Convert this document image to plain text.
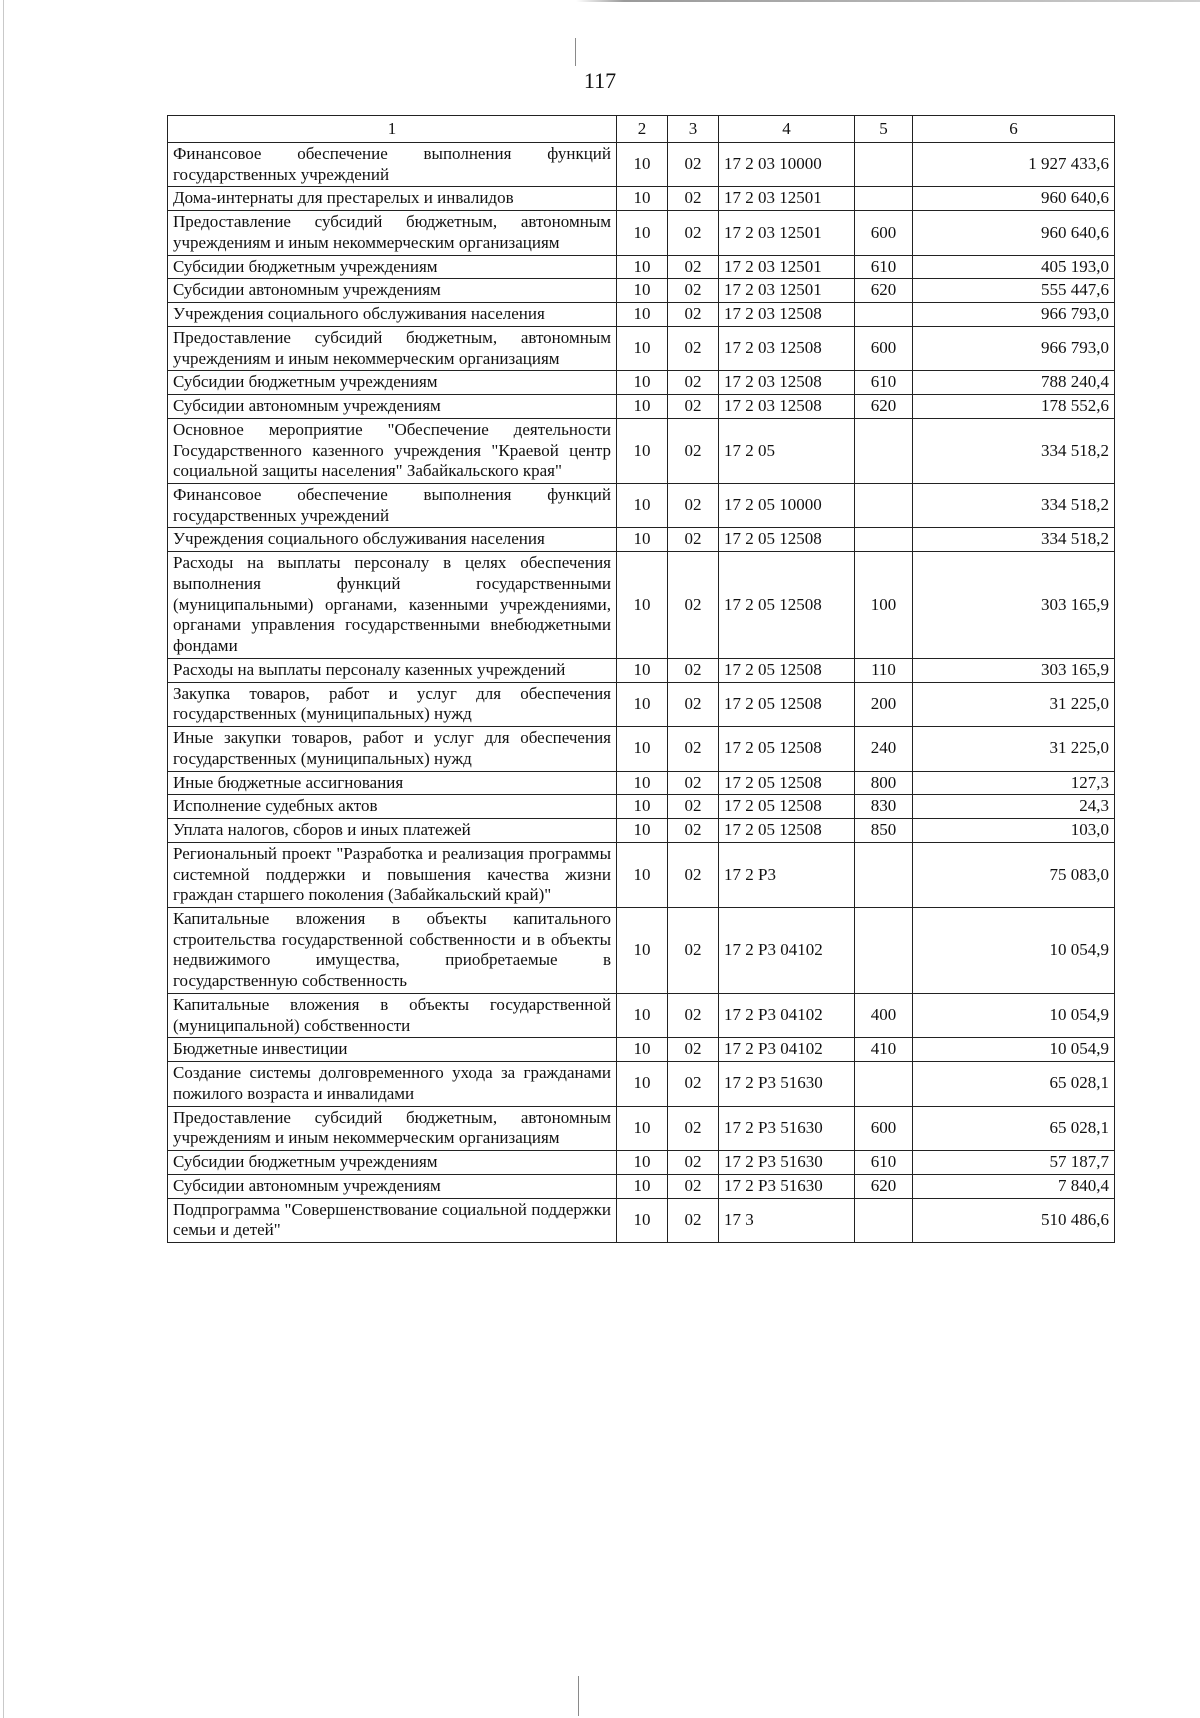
117
1	2	3	4	5	6
Финансовое обеспечение выполнения функций государственных учреждений	10	02	17 2 03 10000		1 927 433,6
Дома-интернаты для престарелых и инвалидов	10	02	17 2 03 12501		960 640,6
Предоставление субсидий бюджетным, автономным учреждениям и иным некоммерческим организациям	10	02	17 2 03 12501	600	960 640,6
Субсидии бюджетным учреждениям	10	02	17 2 03 12501	610	405 193,0
Субсидии автономным учреждениям	10	02	17 2 03 12501	620	555 447,6
Учреждения социального обслуживания населения	10	02	17 2 03 12508		966 793,0
Предоставление субсидий бюджетным, автономным учреждениям и иным некоммерческим организациям	10	02	17 2 03 12508	600	966 793,0
Субсидии бюджетным учреждениям	10	02	17 2 03 12508	610	788 240,4
Субсидии автономным учреждениям	10	02	17 2 03 12508	620	178 552,6
Основное мероприятие "Обеспечение деятельности Государственного казенного учреждения "Краевой центр социальной защиты населения" Забайкальского края"	10	02	17 2 05		334 518,2
Финансовое обеспечение выполнения функций государственных учреждений	10	02	17 2 05 10000		334 518,2
Учреждения социального обслуживания населения	10	02	17 2 05 12508		334 518,2
Расходы на выплаты персоналу в целях обеспечения выполнения функций государственными (муниципальными) органами, казенными учреждениями, органами управления государственными внебюджетными фондами	10	02	17 2 05 12508	100	303 165,9
Расходы на выплаты персоналу казенных учреждений	10	02	17 2 05 12508	110	303 165,9
Закупка товаров, работ и услуг для обеспечения государственных (муниципальных) нужд	10	02	17 2 05 12508	200	31 225,0
Иные закупки товаров, работ и услуг для обеспечения государственных (муниципальных) нужд	10	02	17 2 05 12508	240	31 225,0
Иные бюджетные ассигнования	10	02	17 2 05 12508	800	127,3
Исполнение судебных актов	10	02	17 2 05 12508	830	24,3
Уплата налогов, сборов и иных платежей	10	02	17 2 05 12508	850	103,0
Региональный проект "Разработка и реализация программы системной поддержки и повышения качества жизни граждан старшего поколения (Забайкальский край)"	10	02	17 2 P3		75 083,0
Капитальные вложения в объекты капитального строительства государственной собственности и в объекты недвижимого имущества, приобретаемые в государственную собственность	10	02	17 2 P3 04102		10 054,9
Капитальные вложения в объекты государственной (муниципальной) собственности	10	02	17 2 P3 04102	400	10 054,9
Бюджетные инвестиции	10	02	17 2 P3 04102	410	10 054,9
Создание системы долговременного ухода за гражданами пожилого возраста и инвалидами	10	02	17 2 P3 51630		65 028,1
Предоставление субсидий бюджетным, автономным учреждениям и иным некоммерческим организациям	10	02	17 2 P3 51630	600	65 028,1
Субсидии бюджетным учреждениям	10	02	17 2 P3 51630	610	57 187,7
Субсидии автономным учреждениям	10	02	17 2 P3 51630	620	7 840,4
Подпрограмма "Совершенствование социальной поддержки семьи и детей"	10	02	17 3		510 486,6
